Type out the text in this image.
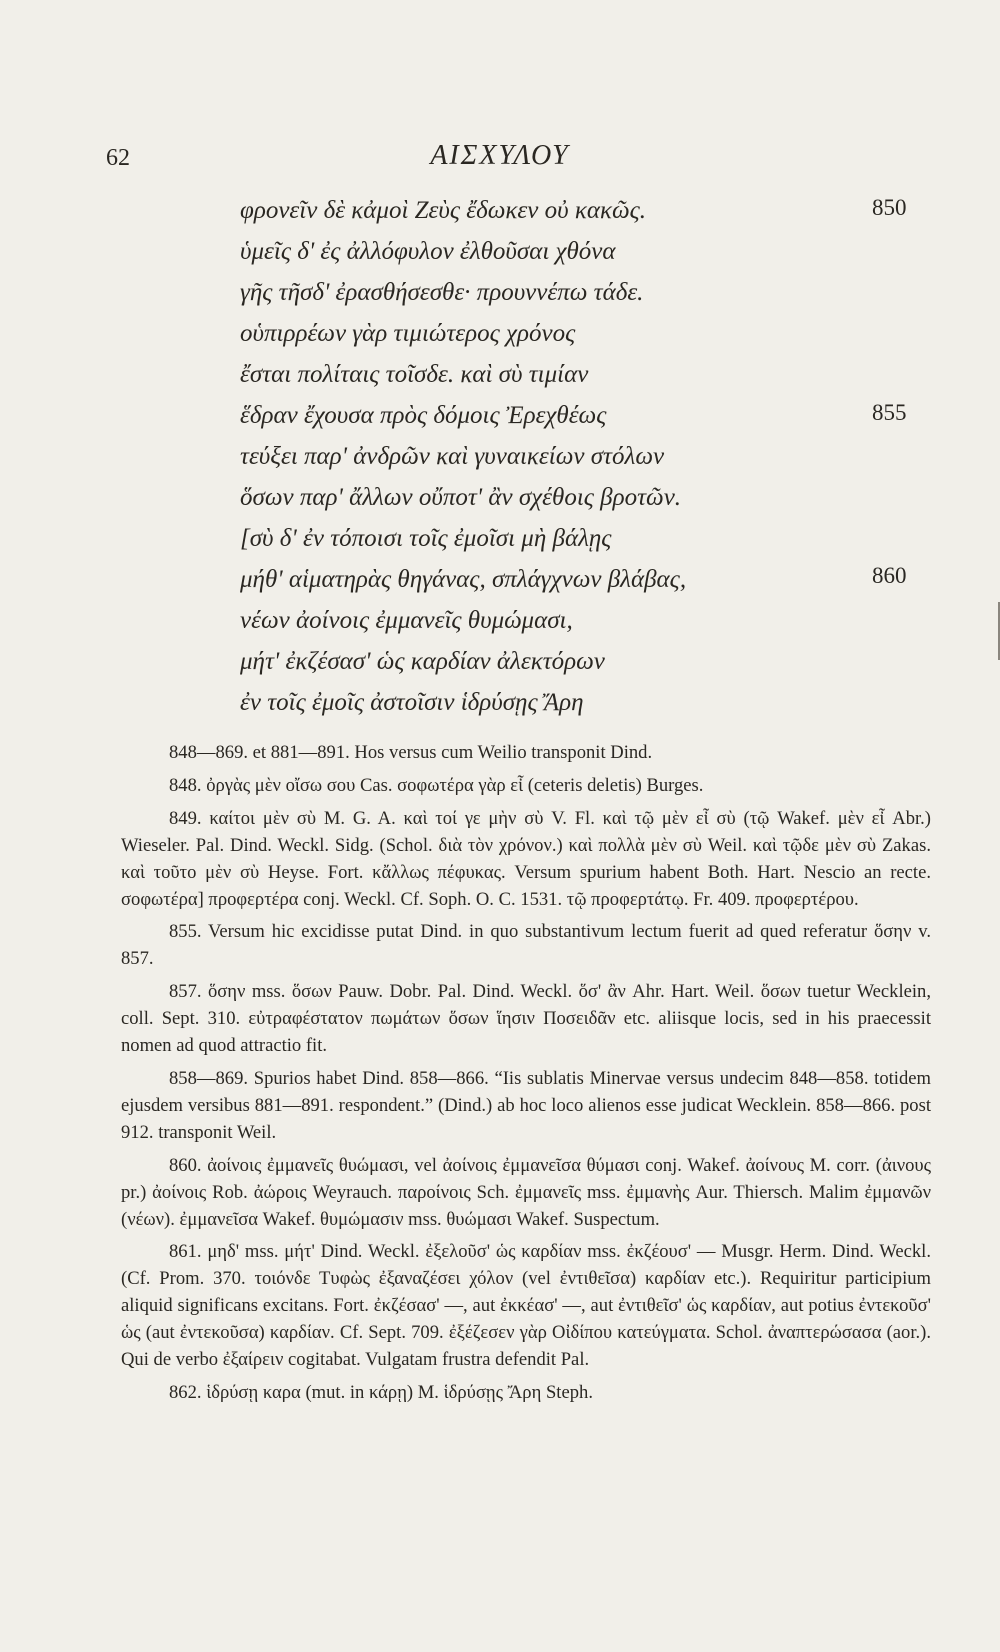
62	ΑΙΣΧΥΛΟΥ
φρονεῖν δὲ κἀμοὶ Ζεὺς ἔδωκεν οὐ κακῶς.
ὑμεῖς δ' ἐς ἀλλόφυλον ἐλθοῦσαι χθόνα
γῆς τῆσδ' ἐρασθήσεσθε· προυννέπω τάδε.
οὑπιρρέων γὰρ τιμιώτερος χρόνος
ἔσται πολίταις τοῖσδε. καὶ σὺ τιμίαν
ἕδραν ἔχουσα πρὸς δόμοις Ἐρεχθέως
τεύξει παρ' ἀνδρῶν καὶ γυναικείων στόλων
ὅσων παρ' ἄλλων οὔποτ' ἂν σχέθοις βροτῶν.
[σὺ δ' ἐν τόποισι τοῖς ἐμοῖσι μὴ βάλῃς
μήθ' αἱματηρὰς θηγάνας, σπλάγχνων βλάβας,
νέων ἀοίνοις ἐμμανεῖς θυμώμασι,
μήτ' ἐκζέσασ' ὡς καρδίαν ἀλεκτόρων
ἐν τοῖς ἐμοῖς ἀστοῖσιν ἱδρύσῃς Ἄρη
850
855
860

848—869. et 881—891. Hos versus cum Weilio transponit Dind.

848. ὀργὰς μὲν οἴσω σου Cas. σοφωτέρα γὰρ εἶ (ceteris deletis) Burges.

849. καίτοι μὲν σὺ M. G. A. καὶ τοί γε μὴν σὺ V. Fl. καὶ τῷ μὲν εἶ σὺ (τῷ Wakef. μὲν εἶ Abr.) Wieseler. Pal. Dind. Weckl. Sidg. (Schol. διὰ τὸν χρόνον.) καὶ πολλὰ μὲν σὺ Weil. καὶ τῷδε μὲν σὺ Zakas. καὶ τοῦτο μὲν σὺ Heyse. Fort. κἄλλως πέφυκας. Versum spurium habent Both. Hart. Nescio an recte. σοφωτέρα] προφερτέρα conj. Weckl. Cf. Soph. O. C. 1531. τῷ προφερτάτῳ. Fr. 409. προφερτέρου.

855. Versum hic excidisse putat Dind. in quo substantivum lectum fuerit ad qued referatur ὅσην v. 857.

857. ὅσην mss. ὅσων Pauw. Dobr. Pal. Dind. Weckl. ὅσ' ἂν Ahr. Hart. Weil. ὅσων tuetur Wecklein, coll. Sept. 310. εὐτραφέστατον πωμάτων ὅσων ἵησιν Ποσειδᾶν etc. aliisque locis, sed in his praecessit nomen ad quod attractio fit.

858—869. Spurios habet Dind. 858—866. “Iis sublatis Minervae versus undecim 848—858. totidem ejusdem versibus 881—891. respondent.” (Dind.) ab hoc loco alienos esse judicat Wecklein. 858—866. post 912. transponit Weil.

860. ἀοίνοις ἐμμανεῖς θυώμασι, vel ἀοίνοις ἐμμανεῖσα θύμασι conj. Wakef. ἀοίνους M. corr. (ἀινους pr.) ἀοίνοις Rob. ἀώροις Weyrauch. παροίνοις Sch. ἐμμανεῖς mss. ἐμμανὴς Aur. Thiersch. Malim ἐμμανῶν (νέων). ἐμμανεῖσα Wakef. θυμώμασιν mss. θυώμασι Wakef. Suspectum.

861. μηδ' mss. μήτ' Dind. Weckl. ἐξελοῦσ' ὡς καρδίαν mss. ἐκζέουσ' — Musgr. Herm. Dind. Weckl. (Cf. Prom. 370. τοιόνδε Τυφὼς ἐξαναζέσει χόλον (vel ἐντιθεῖσα) καρδίαν etc.). Requiritur participium aliquid significans excitans. Fort. ἐκζέσασ' —, aut ἐκκέασ' —, aut ἐντιθεῖσ' ὡς καρδίαν, aut potius ἐντεκοῦσ' ὡς (aut ἐντεκοῦσα) καρδίαν. Cf. Sept. 709. ἐξέζεσεν γὰρ Οἰδίπου κατεύγματα. Schol. ἀναπτερώσασα (aor.). Qui de verbo ἐξαίρειν cogitabat. Vulgatam frustra defendit Pal.

862. ἱδρύσῃ καρα (mut. in κάρῃ) M. ἱδρύσῃς Ἄρη Steph.
